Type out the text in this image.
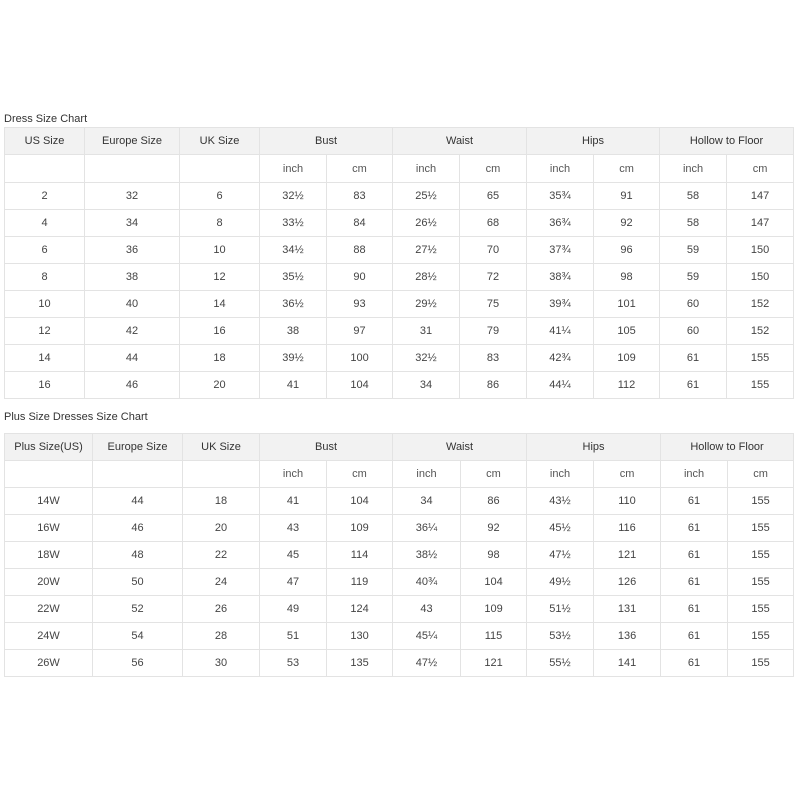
Dress Size Chart
US Size	Europe Size	UK Size	Bust		Waist		Hips		Hollow to Floor	
			inch	cm	inch	cm	inch	cm	inch	cm
2	32	6	32½	83	25½	65	35¾	91	58	147
4	34	8	33½	84	26½	68	36¾	92	58	147
6	36	10	34½	88	27½	70	37¾	96	59	150
8	38	12	35½	90	28½	72	38¾	98	59	150
10	40	14	36½	93	29½	75	39¾	101	60	152
12	42	16	38	97	31	79	41¼	105	60	152
14	44	18	39½	100	32½	83	42¾	109	61	155
16	46	20	41	104	34	86	44¼	112	61	155
Plus Size Dresses Size Chart
Plus Size(US)	Europe Size	UK Size	Bust		Waist		Hips		Hollow to Floor	
			inch	cm	inch	cm	inch	cm	inch	cm
14W	44	18	41	104	34	86	43½	110	61	155
16W	46	20	43	109	36¼	92	45½	116	61	155
18W	48	22	45	114	38½	98	47½	121	61	155
20W	50	24	47	119	40¾	104	49½	126	61	155
22W	52	26	49	124	43	109	51½	131	61	155
24W	54	28	51	130	45¼	115	53½	136	61	155
26W	56	30	53	135	47½	121	55½	141	61	155
